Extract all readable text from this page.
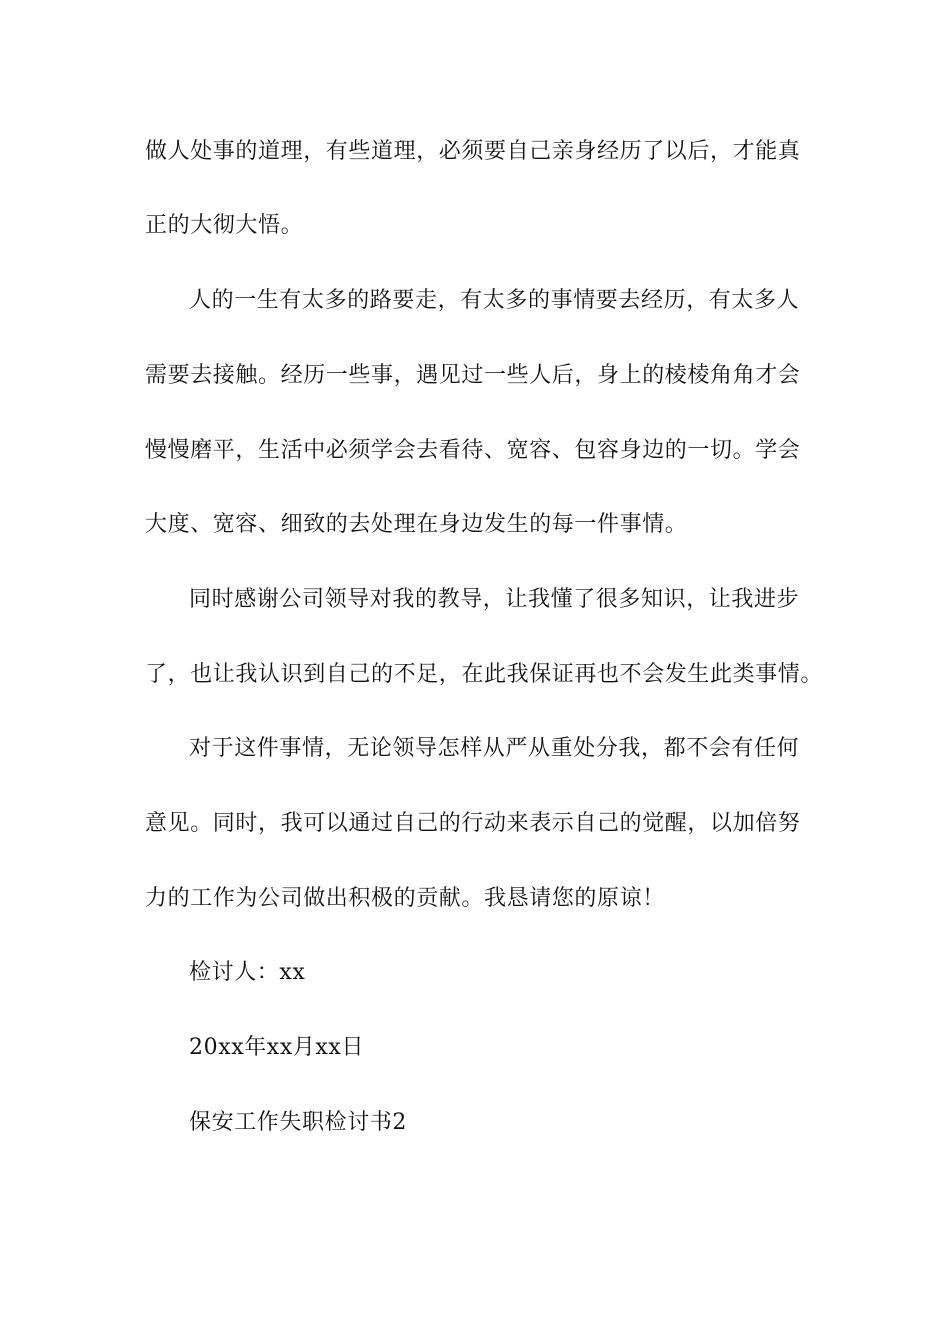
做人处事的道理，有些道理，必须要自己亲身经历了以后，才能真
正的大彻大悟。
人的一生有太多的路要走，有太多的事情要去经历，有太多人
需要去接触。经历一些事，遇见过一些人后，身上的棱棱角角才会
慢慢磨平，生活中必须学会去看待、宽容、包容身边的一切。学会
大度、宽容、细致的去处理在身边发生的每一件事情。
同时感谢公司领导对我的教导，让我懂了很多知识，让我进步
了，也让我认识到自己的不足，在此我保证再也不会发生此类事情。
对于这件事情，无论领导怎样从严从重处分我，都不会有任何
意见。同时，我可以通过自己的行动来表示自己的觉醒，以加倍努
力的工作为公司做出积极的贡献。我恳请您的原谅！
检讨人：xx
20xx年xx月xx日
保安工作失职检讨书2
